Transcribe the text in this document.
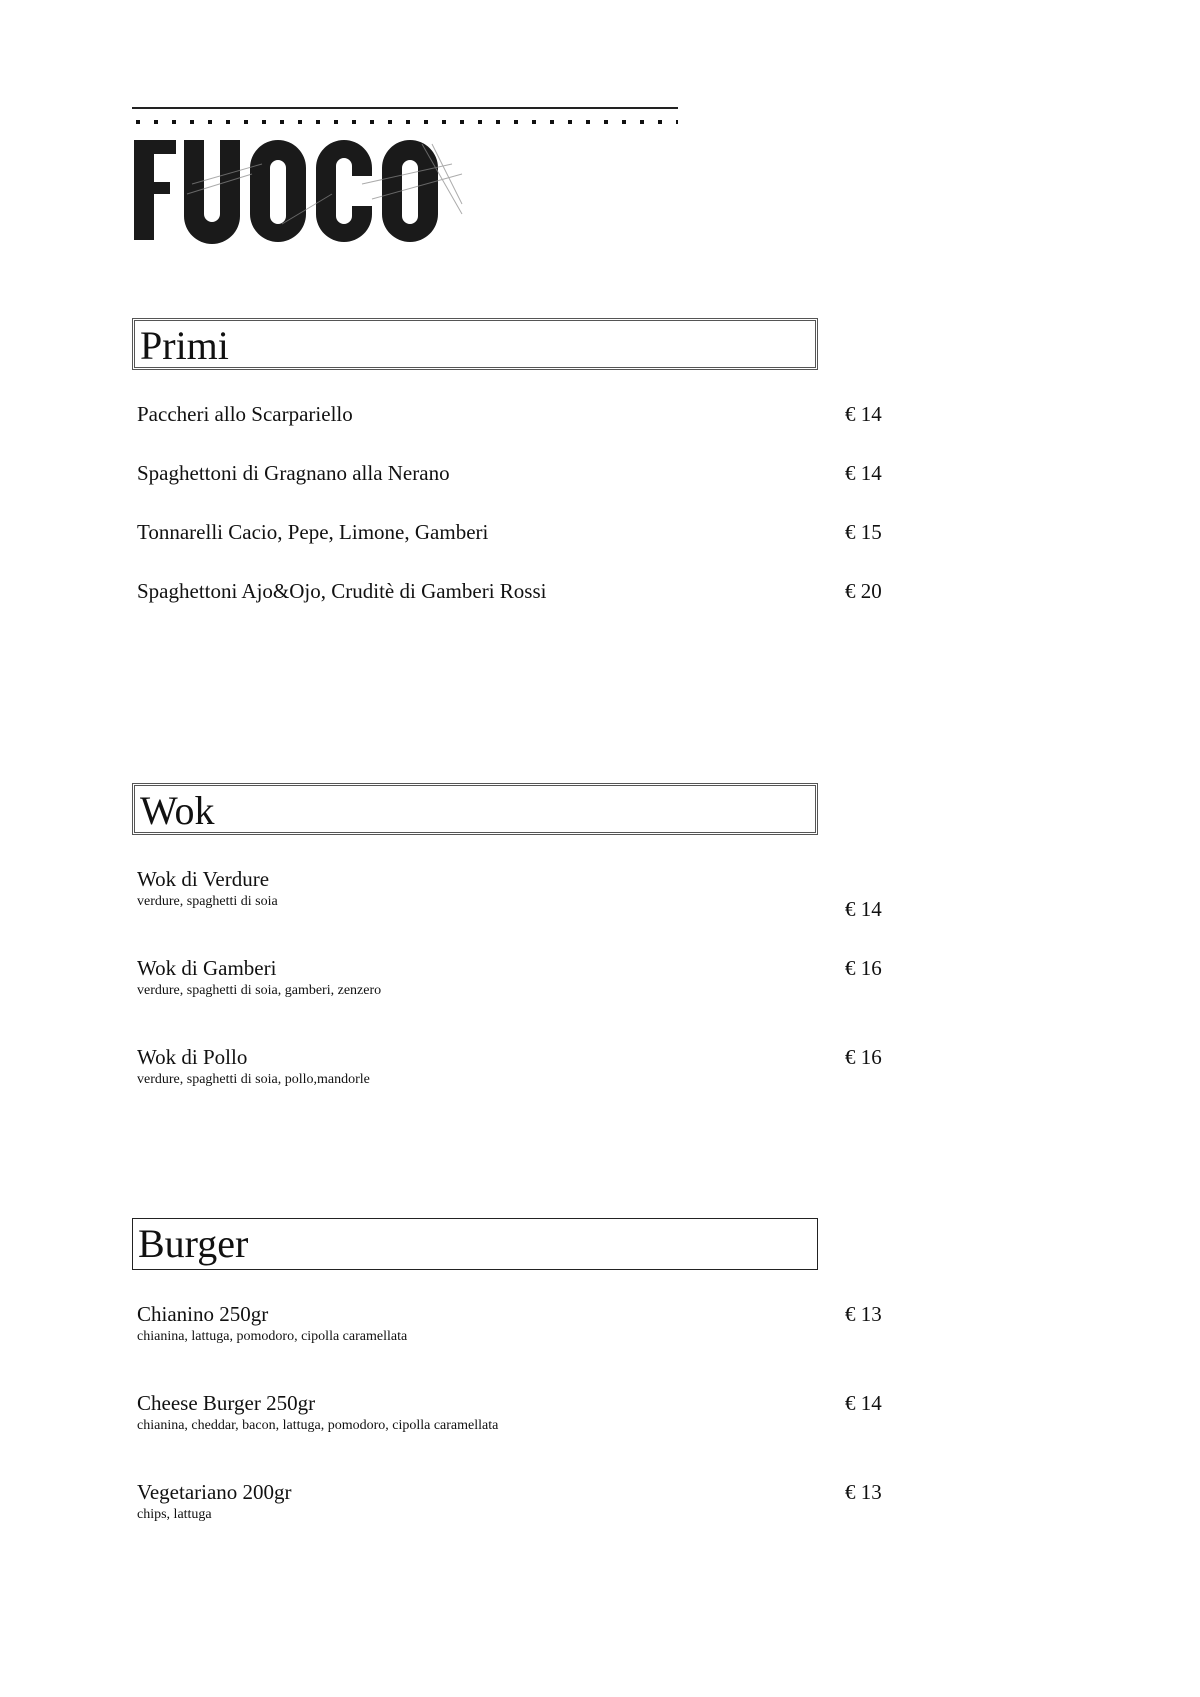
Primi
Paccheri allo Scarpariello	€ 14
Spaghettoni di Gragnano alla Nerano	€ 14
Tonnarelli Cacio, Pepe, Limone, Gamberi	€ 15
Spaghettoni Ajo&Ojo, Cruditè di Gamberi Rossi	€ 20
Wok
Wok di Verdure
verdure, spaghetti di soia	€ 14
Wok di Gamberi
verdure, spaghetti di soia, gamberi, zenzero
€ 16
Wok di Pollo
verdure, spaghetti di soia, pollo,mandorle
€ 16
Burger
Chianino 250gr
chianina, lattuga, pomodoro, cipolla caramellata
€ 13
Cheese Burger 250gr
chianina, cheddar, bacon, lattuga, pomodoro, cipolla caramellata
€ 14
Vegetariano 200gr
chips, lattuga
€ 13
